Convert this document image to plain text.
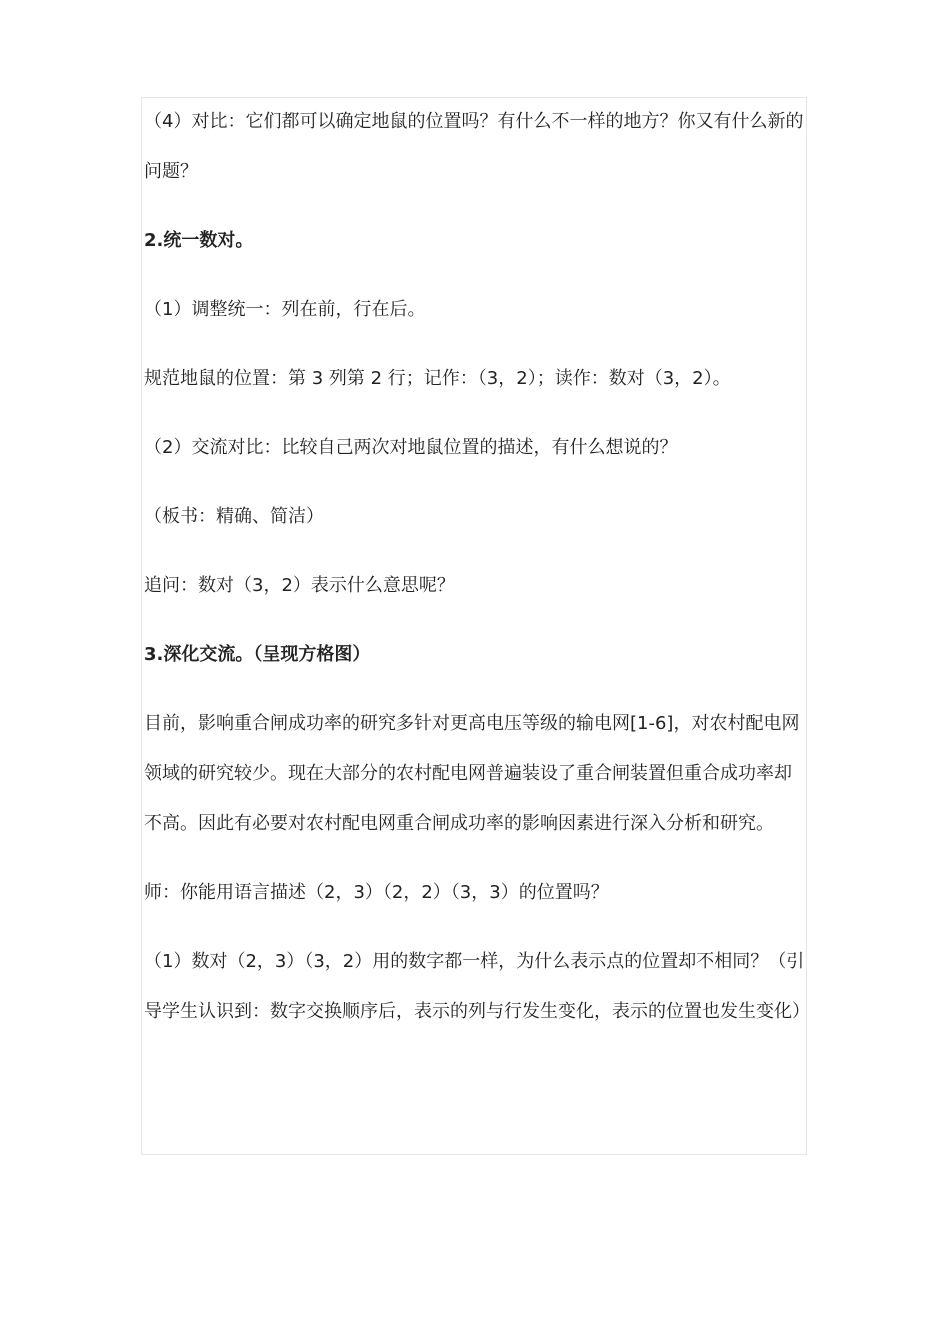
（4）对比：它们都可以确定地鼠的位置吗？有什么不一样的地方？你又有什么新的问题？

2.统一数对。

（1）调整统一：列在前，行在后。

规范地鼠的位置：第 3 列第 2 行；记作：（3，2）；读作：数对（3，2）。

（2）交流对比：比较自己两次对地鼠位置的描述，有什么想说的？

（板书：精确、简洁）

追问：数对（3，2）表示什么意思呢？

3.深化交流。（呈现方格图）

目前，影响重合闸成功率的研究多针对更高电压等级的输电网[1-6]，对农村配电网领域的研究较少。现在大部分的农村配电网普遍装设了重合闸装置但重合成功率却不高。因此有必要对农村配电网重合闸成功率的影响因素进行深入分析和研究。

师：你能用语言描述（2，3）（2，2）（3，3）的位置吗？

（1）数对（2，3）（3，2）用的数字都一样，为什么表示点的位置却不相同？（引导学生认识到：数字交换顺序后，表示的列与行发生变化，表示的位置也发生变化）
